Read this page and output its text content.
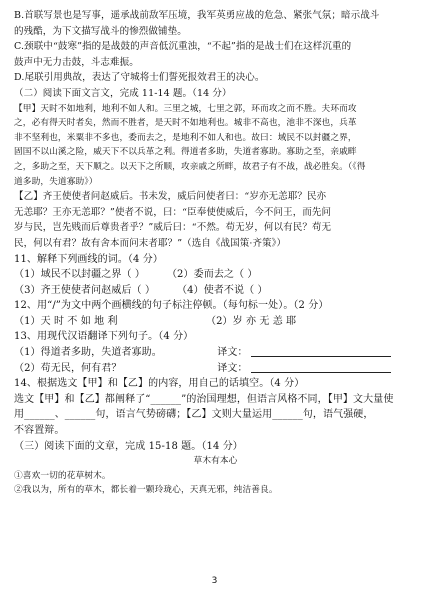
B.首联写景也是写事，遥承战前敌军压境，我军英勇应战的危急、紧张气氛；暗示战斗
的残酷，为下文描写战斗的惨烈做铺垫。
C.颈联中“鼓寒”指的是战鼓的声音低沉重浊，“不起”指的是战士们在这样沉重的
鼓声中无力击鼓，斗志难振。
D.尾联引用典故，表达了守城将士们誓死报效君王的决心。
（二）阅读下面文言文，完成 11-14 题。（14 分）
【甲】天时不如地利，地利不如人和。三里之城，七里之郭，环而攻之而不胜。夫环而攻
之，必有得天时者矣，然而不胜者，是天时不如地利也。城非不高也，池非不深也，兵革
非不坚利也，米粟非不多也，委而去之，是地利不如人和也。故曰：域民不以封疆之界，
固国不以山溪之险，威天下不以兵革之利。得道者多助，失道者寡助。寡助之至，亲戚畔
之，多助之至，天下顺之。以天下之所顺，攻亲戚之所畔，故君子有不战，战必胜矣。（《得
道多助，失道寡助》）
【乙】齐王使使者问赵威后。书未发，威后问使者曰：“岁亦无恙耶？民亦
无恙耶？王亦无恙耶？”使者不说，曰：“臣奉使使威后，今不问王，而先问
岁与民，岂先贱而后尊贵者乎？”威后曰：“不然。苟无岁，何以有民？苟无
民，何以有君？故有舍本而问末者耶？”（选自《战国策·齐策》）
11、解释下列画线的词。（4 分）
（1）域民不以封疆之界（ ） （2）委而去之（ ）
（3）齐王使使者问赵威后（ ） （4）使者不说（ ）
12、用“/”为文中两个画横线的句子标注停顿。（每句标一处）。（2 分）
（1）天 时 不 如 地 利	（2）岁 亦 无 恙 耶
13、用现代汉语翻译下列句子。（4 分）
（1）得道者多助，失道者寡助。	译文：
（2）苟无民，何有君？	译文：
14、根据选文【甲】和【乙】的内容，用自己的话填空。（4 分）
选文【甲】和【乙】都阐释了“______”的治国理想，但语言风格不同，【甲】文大量使
用______、______句，语言气势磅礴；【乙】文则大量运用______句，语气强硬，
不容置辩。
（三）阅读下面的文章，完成 15-18 题。（14 分）
草木有本心
①喜欢一切的花草树木。
②我以为，所有的草木，都长着一颗玲珑心，天真无邪，纯洁善良。
3
